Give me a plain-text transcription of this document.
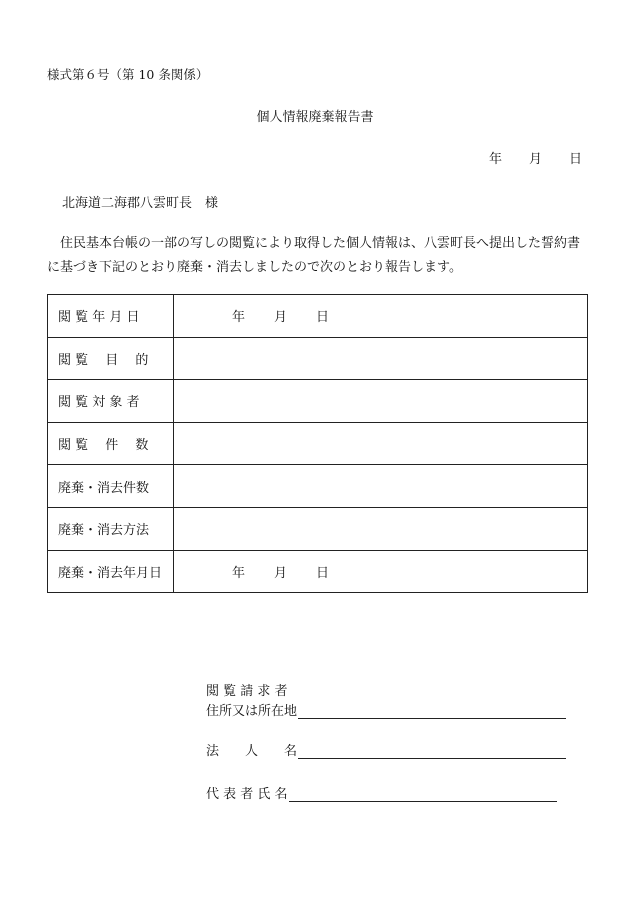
様式第６号（第 10 条関係）
個人情報廃棄報告書
年	月	日
北海道二海郡八雲町長　様
住民基本台帳の一部の写しの閲覧により取得した個人情報は、八雲町長へ提出した誓約書に基づき下記のとおり廃棄・消去しましたので次のとおり報告します。
閲 覧 年 月 日	年 月 日

閲 覧　 目　 的	
閲 覧 対 象 者	
閲 覧　 件　 数	
廃棄・消去件数	
廃棄・消去方法	
廃棄・消去年月日	年 月 日
閲 覧 請 求 者
住所又は所在地
法　　人　　名
代 表 者 氏 名
